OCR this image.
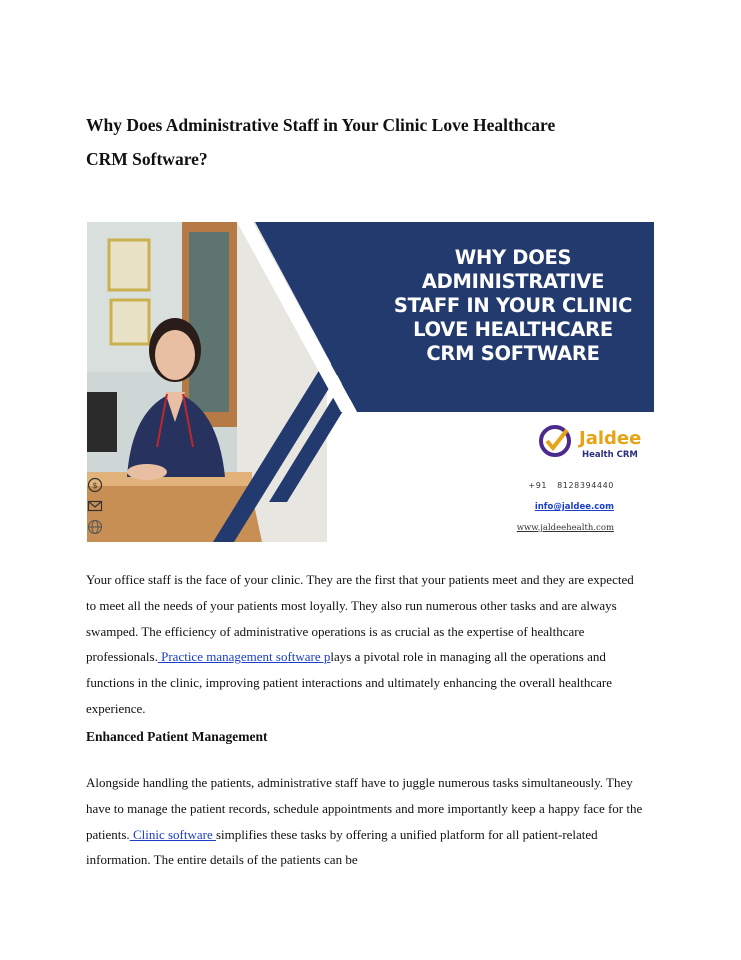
Why Does Administrative Staff in Your Clinic Love Healthcare
CRM Software?
WHY DOES
ADMINISTRATIVE
STAFF IN YOUR CLINIC
LOVE HEALTHCARE
CRM SOFTWARE
Jaldee
Health CRM
+91 8128394440
$
info@jaldee.com
www.jaldeehealth.com

Your office staff is the face of your clinic. They are the first that your patients meet and they are expected to meet all the needs of your patients most loyally. They also run numerous other tasks and are always swamped. The efficiency of administrative operations is as crucial as the expertise of healthcare professionals. Practice management software plays a pivotal role in managing all the operations and functions in the clinic, improving patient interactions and ultimately enhancing the overall healthcare experience.

Enhanced Patient Management

Alongside handling the patients, administrative staff have to juggle numerous tasks simultaneously. They have to manage the patient records, schedule appointments and more importantly keep a happy face for the patients. Clinic software simplifies these tasks by offering a unified platform for all patient-related information. The entire details of the patients can be
